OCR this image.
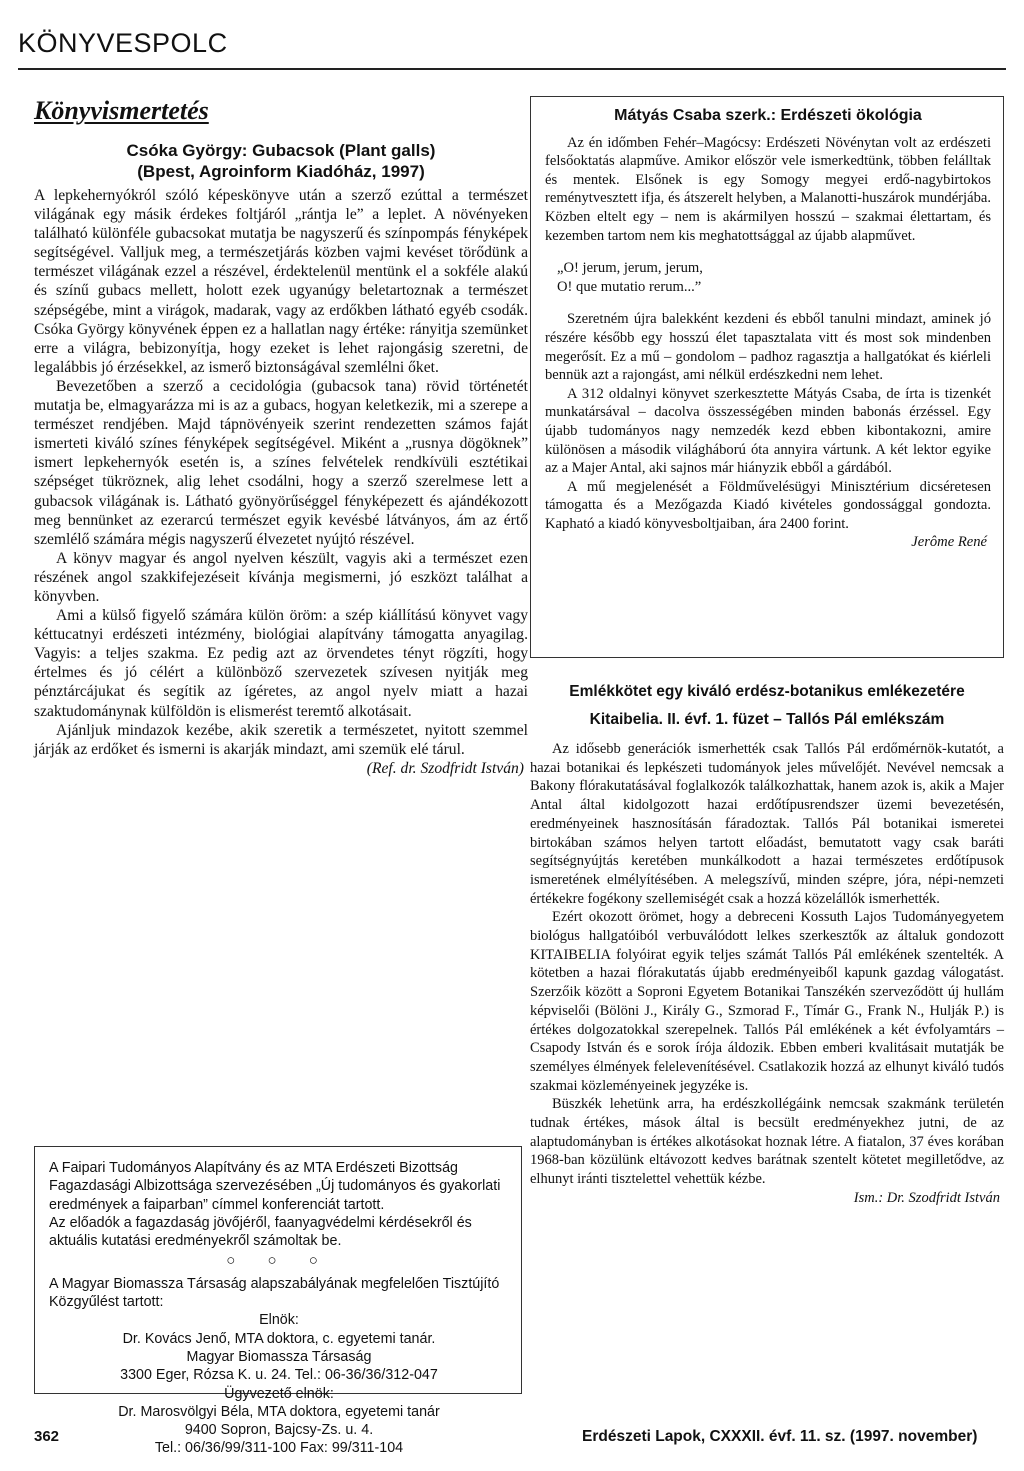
KÖNYVESPOLC
Könyvismertetés
Csóka György: Gubacsok (Plant galls)
(Bpest, Agroinform Kiadóház, 1997)

A lepkehernyókról szóló képeskönyve után a szerző ezúttal a természet világának egy másik érdekes foltjáról „rántja le” a leplet. A növényeken található különféle gubacsokat mutatja be nagyszerű és színpompás fényképek segítségével. Valljuk meg, a természetjárás közben vajmi kevéset törődünk a természet világának ezzel a részével, érdektelenül mentünk el a sokféle alakú és színű gubacs mellett, holott ezek ugyanúgy beletartoznak a természet szépségébe, mint a virágok, madarak, vagy az erdőkben látható egyéb csodák. Csóka György könyvének éppen ez a hallatlan nagy értéke: rányitja szemünket erre a világra, bebizonyítja, hogy ezeket is lehet rajongásig szeretni, de legalábbis jó érzésekkel, az ismerő biztonságával szemlélni őket.

Bevezetőben a szerző a cecidológia (gubacsok tana) rövid történetét mutatja be, elmagyarázza mi is az a gubacs, hogyan keletkezik, mi a szerepe a természet rendjében. Majd tápnövényeik szerint rendezetten számos faját ismerteti kiváló színes fényképek segítségével. Miként a „rusnya dögöknek” ismert lepkehernyók esetén is, a színes felvételek rendkívüli esztétikai szépséget tükröznek, alig lehet csodálni, hogy a szerző szerelmese lett a gubacsok világának is. Látható gyönyörűséggel fényképezett és ajándékozott meg bennünket az ezerarcú természet egyik kevésbé látványos, ám az értő szemlélő számára mégis nagyszerű élvezetet nyújtó részével.

A könyv magyar és angol nyelven készült, vagyis aki a természet ezen részének angol szakkifejezéseit kívánja megismerni, jó eszközt találhat a könyvben.

Ami a külső figyelő számára külön öröm: a szép kiállítású könyvet vagy kéttucatnyi erdészeti intézmény, biológiai alapítvány támogatta anyagilag. Vagyis: a teljes szakma. Ez pedig azt az örvendetes tényt rögzíti, hogy értelmes és jó célért a különböző szervezetek szívesen nyitják meg pénztárcájukat és segítik az ígéretes, az angol nyelv miatt a hazai szaktudománynak külföldön is elismerést teremtő alkotásait.

Ajánljuk mindazok kezébe, akik szeretik a természetet, nyitott szemmel járják az erdőket és ismerni is akarják mindazt, ami szemük elé tárul.

(Ref. dr. Szodfridt István)

A Faipari Tudományos Alapítvány és az MTA Erdészeti Bizottság Fagazdasági Albizottsága szervezésében „Új tudományos és gyakorlati eredmények a faiparban” címmel konferenciát tartott.

Az előadók a fagazdaság jövőjéről, faanyagvédelmi kérdésekről és aktuális kutatási eredményekről számoltak be.

○ ○ ○

A Magyar Biomassza Társaság alapszabályának megfelelően Tisztújító Közgyűlést tartott:

Elnök:
Dr. Kovács Jenő, MTA doktora, c. egyetemi tanár.
Magyar Biomassza Társaság
3300 Eger, Rózsa K. u. 24. Tel.: 06-36/36/312-047
Ügyvezető elnök:
Dr. Marosvölgyi Béla, MTA doktora, egyetemi tanár
9400 Sopron, Bajcsy-Zs. u. 4.
Tel.: 06/36/99/311-100 Fax: 99/311-104
Mátyás Csaba szerk.: Erdészeti ökológia

Az én időmben Fehér–Magócsy: Erdészeti Növénytan volt az erdészeti felsőoktatás alapműve. Amikor először vele ismerkedtünk, többen felálltak és mentek. Elsőnek is egy Somogy megyei erdő-nagybirtokos reménytvesztett ifja, és átszerelt helyben, a Malanotti-huszárok mundérjába. Közben eltelt egy – nem is akármilyen hosszú – szakmai élettartam, és kezemben tartom nem kis meghatottsággal az újabb alapművet.

„O! jerum, jerum, jerum,
O! que mutatio rerum...”

Szeretném újra balekként kezdeni és ebből tanulni mindazt, aminek jó részére később egy hosszú élet tapasztalata vitt és most sok mindenben megerősít. Ez a mű – gondolom – padhoz ragasztja a hallgatókat és kiérleli bennük azt a rajongást, ami nélkül erdészkedni nem lehet.

A 312 oldalnyi könyvet szerkesztette Mátyás Csaba, de írta is tizenkét munkatársával – dacolva összességében minden babonás érzéssel. Egy újabb tudományos nagy nemzedék kezd ebben kibontakozni, amire különösen a második világháború óta annyira vártunk. A két lektor egyike az a Majer Antal, aki sajnos már hiányzik ebből a gárdából.

A mű megjelenését a Földművelésügyi Minisztérium dicséretesen támogatta és a Mezőgazda Kiadó kivételes gondossággal gondozta. Kapható a kiadó könyvesboltjaiban, ára 2400 forint.

Jerôme René

Emlékkötet egy kiváló erdész-botanikus emlékezetére
Kitaibelia. II. évf. 1. füzet – Tallós Pál emlékszám

Az idősebb generációk ismerhették csak Tallós Pál erdőmérnök-kutatót, a hazai botanikai és lepkészeti tudományok jeles művelőjét. Nevével nemcsak a Bakony flórakutatásával foglalkozók találkozhattak, hanem azok is, akik a Majer Antal által kidolgozott hazai erdőtípusrendszer üzemi bevezetésén, eredményeinek hasznosításán fáradoztak. Tallós Pál botanikai ismeretei birtokában számos helyen tartott előadást, bemutatott vagy csak baráti segítségnyújtás keretében munkálkodott a hazai természetes erdőtípusok ismeretének elmélyítésében. A melegszívű, minden szépre, jóra, népi-nemzeti értékekre fogékony szellemiségét csak a hozzá közelállók ismerhették.

Ezért okozott örömet, hogy a debreceni Kossuth Lajos Tudományegyetem biológus hallgatóiból verbuválódott lelkes szerkesztők az általuk gondozott KITAIBELIA folyóirat egyik teljes számát Tallós Pál emlékének szentelték. A kötetben a hazai flórakutatás újabb eredményeiből kapunk gazdag válogatást. Szerzőik között a Soproni Egyetem Botanikai Tanszékén szerveződött új hullám képviselői (Bölöni J., Király G., Szmorad F., Tímár G., Frank N., Hulják P.) is értékes dolgozatokkal szerepelnek. Tallós Pál emlékének a két évfolyamtárs – Csapody István és e sorok írója áldozik. Ebben emberi kvalitásait mutatják be személyes élmények felelevenítésével. Csatlakozik hozzá az elhunyt kiváló tudós szakmai közleményeinek jegyzéke is.

Büszkék lehetünk arra, ha erdészkollégáink nemcsak szakmánk területén tudnak értékes, mások által is becsült eredményekhez jutni, de az alaptudományban is értékes alkotásokat hoznak létre. A fiatalon, 37 éves korában 1968-ban közülünk eltávozott kedves barátnak szentelt kötetet megilletődve, az elhunyt iránti tisztelettel vehettük kézbe.

Ism.: Dr. Szodfridt István

362	Erdészeti Lapok, CXXXII. évf. 11. sz. (1997. november)
